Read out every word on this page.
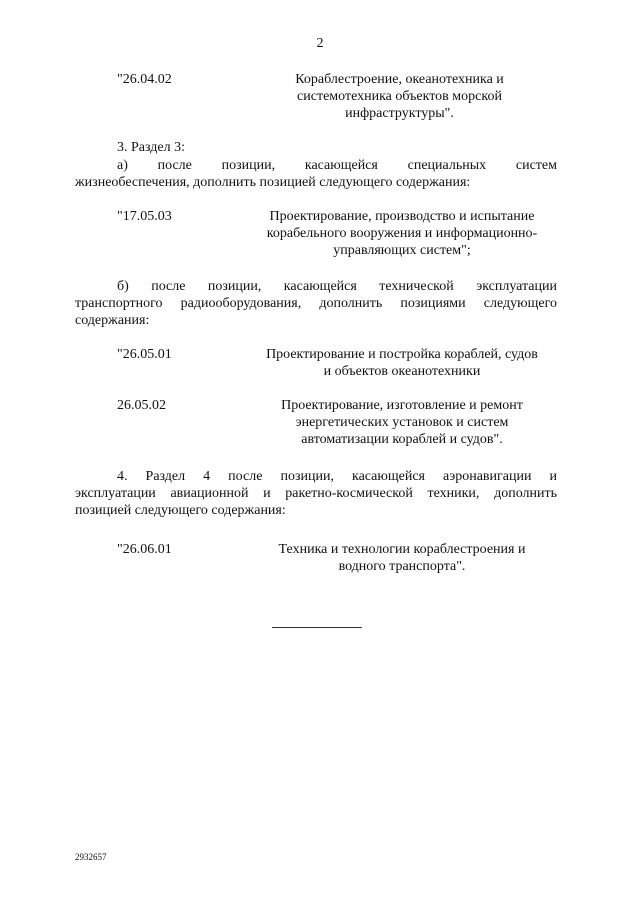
2
"26.04.02	Кораблестроение, океанотехника и
системотехника объектов морской
инфраструктуры".
3. Раздел 3:
а) после позиции, касающейся специальных систем
жизнеобеспечения, дополнить позицией следующего содержания:
"17.05.03	Проектирование, производство и испытание
корабельного вооружения и информационно-
управляющих систем";
б) после позиции, касающейся технической эксплуатации
транспортного радиооборудования, дополнить позициями следующего
содержания:
"26.05.01	Проектирование и постройка кораблей, судов
и объектов океанотехники
26.05.02	Проектирование, изготовление и ремонт
энергетических установок и систем
автоматизации кораблей и судов".
4. Раздел 4 после позиции, касающейся аэронавигации и
эксплуатации авиационной и ракетно-космической техники, дополнить
позицией следующего содержания:
"26.06.01	Техника и технологии кораблестроения и
водного транспорта".
2932657
